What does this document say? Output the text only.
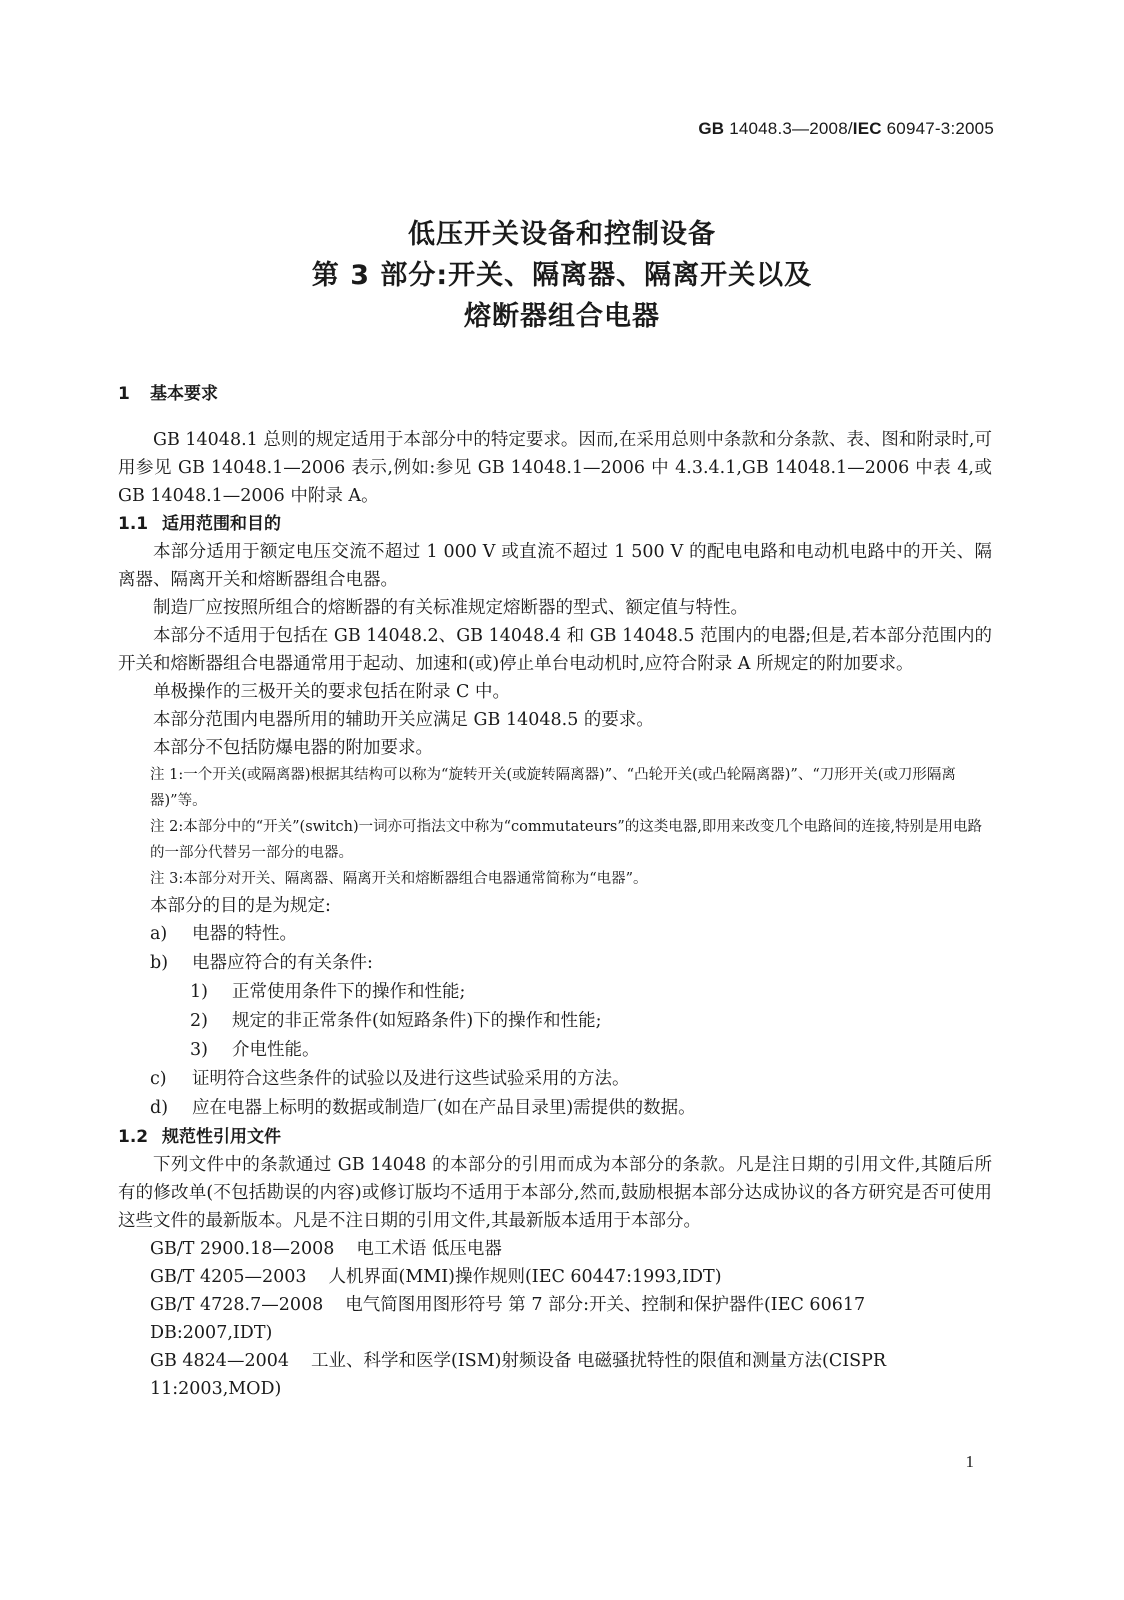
GB 14048.3—2008/IEC 60947-3:2005
低压开关设备和控制设备
第 3 部分:开关、隔离器、隔离开关以及
熔断器组合电器
1 基本要求
GB 14048.1 总则的规定适用于本部分中的特定要求。因而,在采用总则中条款和分条款、表、图和附录时,可用参见 GB 14048.1—2006 表示,例如:参见 GB 14048.1—2006 中 4.3.4.1,GB 14048.1—2006 中表 4,或 GB 14048.1—2006 中附录 A。
1.1 适用范围和目的
本部分适用于额定电压交流不超过 1 000 V 或直流不超过 1 500 V 的配电电路和电动机电路中的开关、隔离器、隔离开关和熔断器组合电器。
制造厂应按照所组合的熔断器的有关标准规定熔断器的型式、额定值与特性。
本部分不适用于包括在 GB 14048.2、GB 14048.4 和 GB 14048.5 范围内的电器;但是,若本部分范围内的开关和熔断器组合电器通常用于起动、加速和(或)停止单台电动机时,应符合附录 A 所规定的附加要求。
单极操作的三极开关的要求包括在附录 C 中。
本部分范围内电器所用的辅助开关应满足 GB 14048.5 的要求。
本部分不包括防爆电器的附加要求。
注 1:一个开关(或隔离器)根据其结构可以称为“旋转开关(或旋转隔离器)”、“凸轮开关(或凸轮隔离器)”、“刀形开关(或刀形隔离器)”等。
注 2:本部分中的“开关”(switch)一词亦可指法文中称为“commutateurs”的这类电器,即用来改变几个电路间的连接,特别是用电路的一部分代替另一部分的电器。
注 3:本部分对开关、隔离器、隔离开关和熔断器组合电器通常简称为“电器”。
本部分的目的是为规定:
a) 电器的特性。
b) 电器应符合的有关条件:
1) 正常使用条件下的操作和性能;
2) 规定的非正常条件(如短路条件)下的操作和性能;
3) 介电性能。
c) 证明符合这些条件的试验以及进行这些试验采用的方法。
d) 应在电器上标明的数据或制造厂(如在产品目录里)需提供的数据。
1.2 规范性引用文件
下列文件中的条款通过 GB 14048 的本部分的引用而成为本部分的条款。凡是注日期的引用文件,其随后所有的修改单(不包括勘误的内容)或修订版均不适用于本部分,然而,鼓励根据本部分达成协议的各方研究是否可使用这些文件的最新版本。凡是不注日期的引用文件,其最新版本适用于本部分。
GB/T 2900.18—2008 电工术语 低压电器
GB/T 4205—2003 人机界面(MMI)操作规则(IEC 60447:1993,IDT)
GB/T 4728.7—2008 电气简图用图形符号 第 7 部分:开关、控制和保护器件(IEC 60617 DB:2007,IDT)
GB 4824—2004 工业、科学和医学(ISM)射频设备 电磁骚扰特性的限值和测量方法(CISPR 11:2003,MOD)
1
